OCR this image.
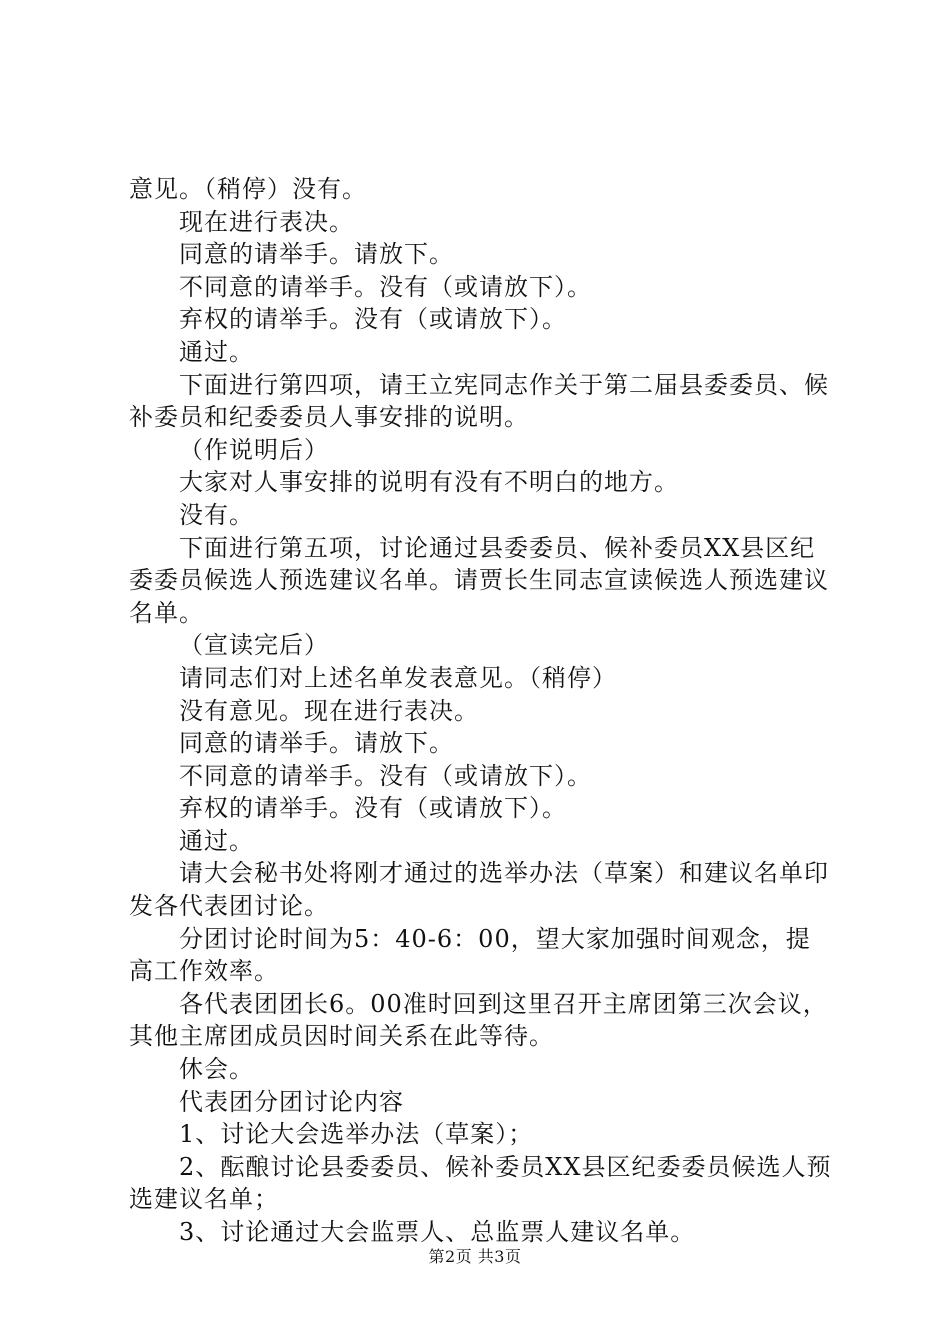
意见。（稍停）没有。

现在进行表决。

同意的请举手。请放下。

不同意的请举手。没有（或请放下）。

弃权的请举手。没有（或请放下）。

通过。

下面进行第四项，请王立宪同志作关于第二届县委委员、候补委员和纪委委员人事安排的说明。

（作说明后）

大家对人事安排的说明有没有不明白的地方。

没有。

下面进行第五项，讨论通过县委委员、候补委员XX县区纪委委员候选人预选建议名单。请贾长生同志宣读候选人预选建议名单。

（宣读完后）

请同志们对上述名单发表意见。（稍停）

没有意见。现在进行表决。

同意的请举手。请放下。

不同意的请举手。没有（或请放下）。

弃权的请举手。没有（或请放下）。

通过。

请大会秘书处将刚才通过的选举办法（草案）和建议名单印发各代表团讨论。

分团讨论时间为5：40-6：00，望大家加强时间观念，提高工作效率。

各代表团团长6。00准时回到这里召开主席团第三次会议，其他主席团成员因时间关系在此等待。

休会。

代表团分团讨论内容

1、讨论大会选举办法（草案）；

2、酝酿讨论县委委员、候补委员XX县区纪委委员候选人预选建议名单；

3、讨论通过大会监票人、总监票人建议名单。

第2页 共3页
